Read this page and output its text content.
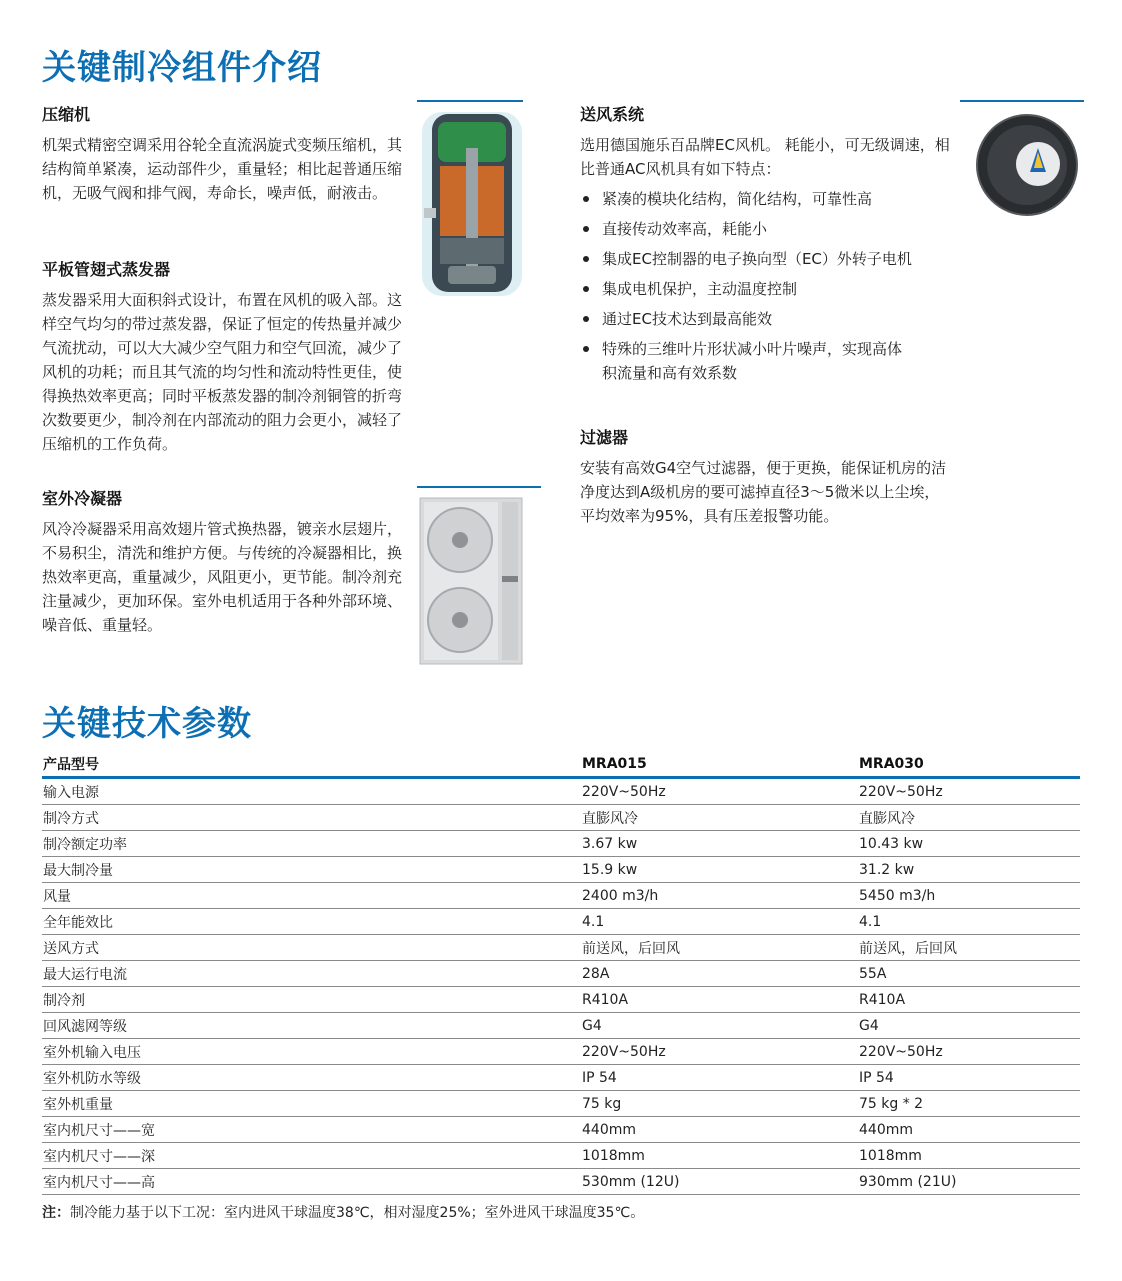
关键制冷组件介绍
压缩机

机架式精密空调采用谷轮全直流涡旋式变频压缩机，其结构简单紧凑，运动部件少，重量轻；相比起普通压缩机，无吸气阀和排气阀，寿命长，噪声低，耐液击。

平板管翅式蒸发器

蒸发器采用大面积斜式设计，布置在风机的吸入部。这样空气均匀的带过蒸发器，保证了恒定的传热量并减少气流扰动，可以大大减少空气阻力和空气回流，减少了风机的功耗；而且其气流的均匀性和流动特性更佳，使得换热效率更高；同时平板蒸发器的制冷剂铜管的折弯次数要更少，制冷剂在内部流动的阻力会更小，减轻了压缩机的工作负荷。

室外冷凝器

风冷冷凝器采用高效翅片管式换热器，镀亲水层翅片，不易积尘，清洗和维护方便。与传统的冷凝器相比，换热效率更高，重量减少，风阻更小，更节能。制冷剂充注量减少，更加环保。室外电机适用于各种外部环境、噪音低、重量轻。

送风系统

选用德国施乐百品牌EC风机。 耗能小，可无级调速，相比普通AC风机具有如下特点：

紧凑的模块化结构，简化结构，可靠性高
直接传动效率高，耗能小
集成EC控制器的电子换向型（EC）外转子电机
集成电机保护，主动温度控制
通过EC技术达到最高能效
特殊的三维叶片形状减小叶片噪声，实现高体积流量和高有效系数
过滤器

安装有高效G4空气过滤器，便于更换，能保证机房的洁净度达到A级机房的要可滤掉直径3～5微米以上尘埃，平均效率为95%，具有压差报警功能。

关键技术参数
产品型号	MRA015	MRA030
输入电源	220V~50Hz	220V~50Hz
制冷方式	直膨风冷	直膨风冷
制冷额定功率	3.67 kw	10.43 kw
最大制冷量	15.9 kw	31.2 kw
风量	2400 m3/h	5450 m3/h
全年能效比	4.1	4.1
送风方式	前送风，后回风	前送风，后回风
最大运行电流	28A	55A
制冷剂	R410A	R410A
回风滤网等级	G4	G4
室外机输入电压	220V~50Hz	220V~50Hz
室外机防水等级	IP 54	IP 54
室外机重量	75 kg	75 kg * 2
室内机尺寸——宽	440mm	440mm
室内机尺寸——深	1018mm	1018mm
室内机尺寸——高	530mm (12U)	930mm (21U)
注：制冷能力基于以下工况：室内进风干球温度38℃，相对湿度25%；室外进风干球温度35℃。
